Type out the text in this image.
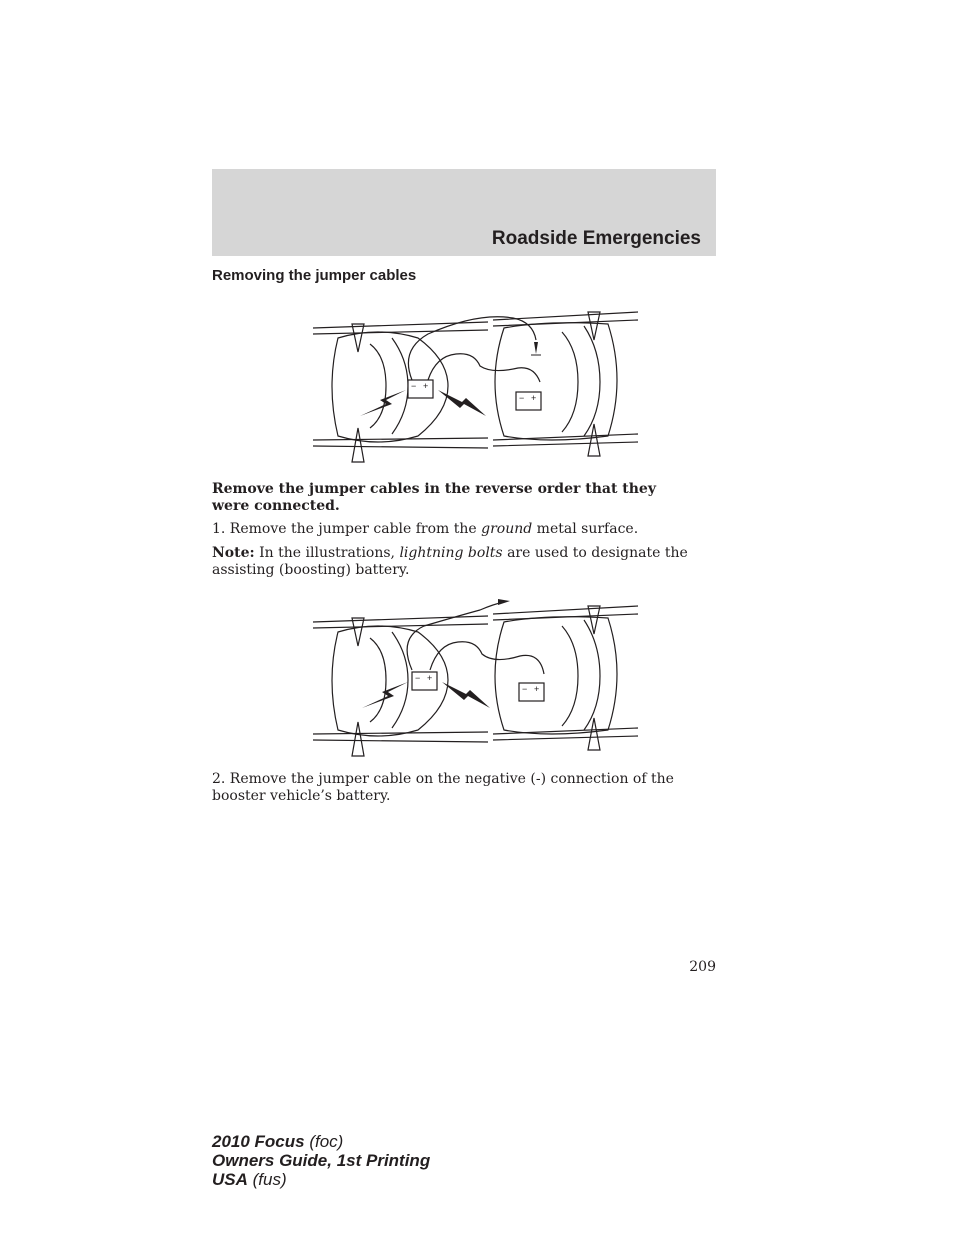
Roadside Emergencies
Removing the jumper cables
− +
− +

Remove the jumper cables in the reverse order that they were connected.

1. Remove the jumper cable from the ground metal surface.

Note: In the illustrations, lightning bolts are used to designate the assisting (boosting) battery.

− +
− +

2. Remove the jumper cable on the negative (-) connection of the booster vehicle’s battery.

209

2010 Focus (foc)
Owners Guide, 1st Printing
USA (fus)
